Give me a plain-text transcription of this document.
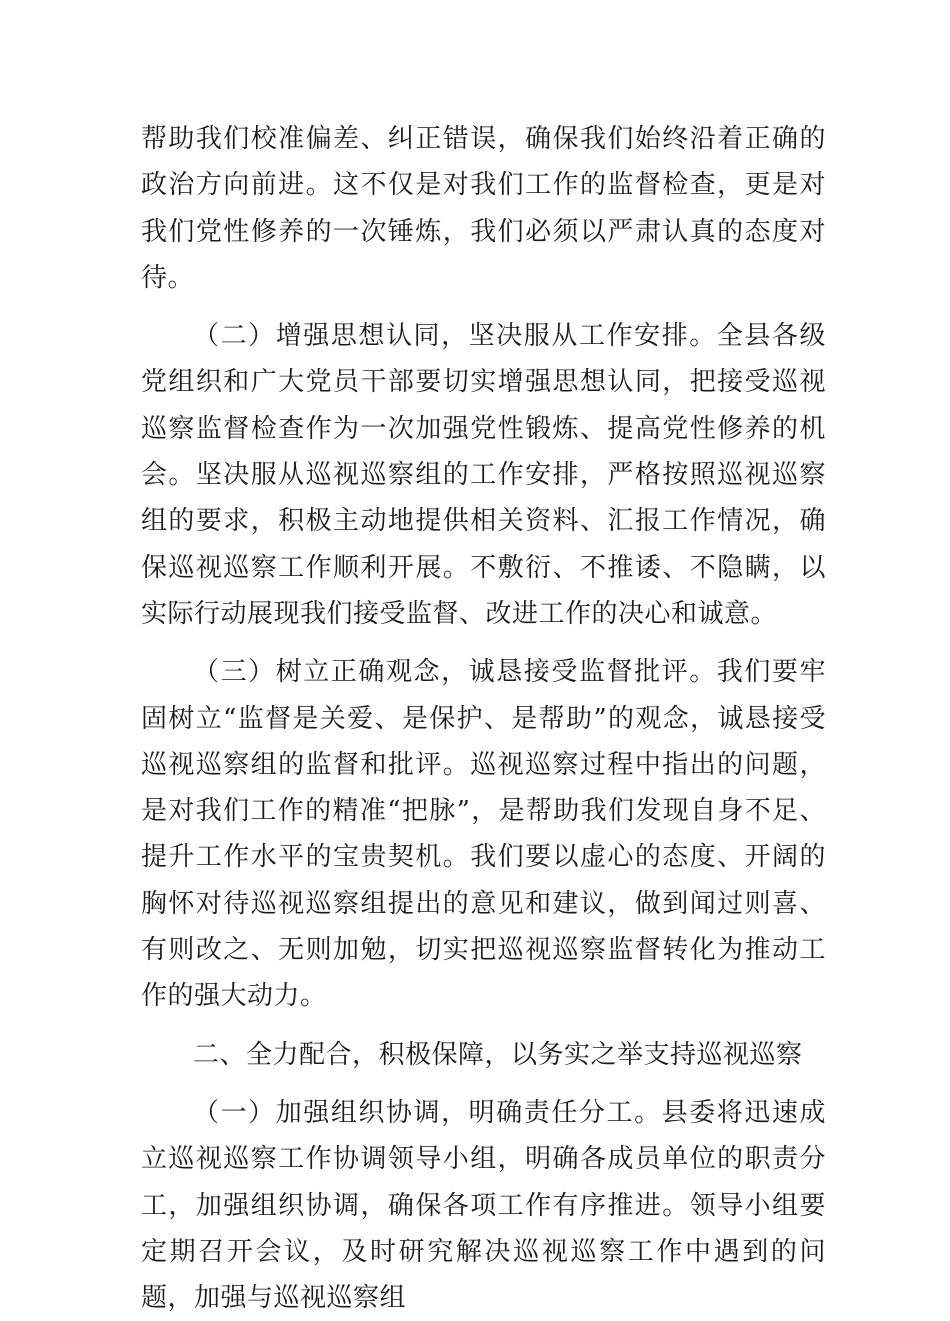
帮助我们校准偏差、纠正错误，确保我们始终沿着正确的政治方向前进。这不仅是对我们工作的监督检查，更是对我们党性修养的一次锤炼，我们必须以严肃认真的态度对待。

（二）增强思想认同，坚决服从工作安排。全县各级党组织和广大党员干部要切实增强思想认同，把接受巡视巡察监督检查作为一次加强党性锻炼、提高党性修养的机会。坚决服从巡视巡察组的工作安排，严格按照巡视巡察组的要求，积极主动地提供相关资料、汇报工作情况，确保巡视巡察工作顺利开展。不敷衍、不推诿、不隐瞒，以实际行动展现我们接受监督、改进工作的决心和诚意。

（三）树立正确观念，诚恳接受监督批评。我们要牢固树立“监督是关爱、是保护、是帮助”的观念，诚恳接受巡视巡察组的监督和批评。巡视巡察过程中指出的问题，是对我们工作的精准“把脉”，是帮助我们发现自身不足、提升工作水平的宝贵契机。我们要以虚心的态度、开阔的胸怀对待巡视巡察组提出的意见和建议，做到闻过则喜、有则改之、无则加勉，切实把巡视巡察监督转化为推动工作的强大动力。

二、全力配合，积极保障，以务实之举支持巡视巡察

（一）加强组织协调，明确责任分工。县委将迅速成立巡视巡察工作协调领导小组，明确各成员单位的职责分工，加强组织协调，确保各项工作有序推进。领导小组要定期召开会议，及时研究解决巡视巡察工作中遇到的问题，加强与巡视巡察组
